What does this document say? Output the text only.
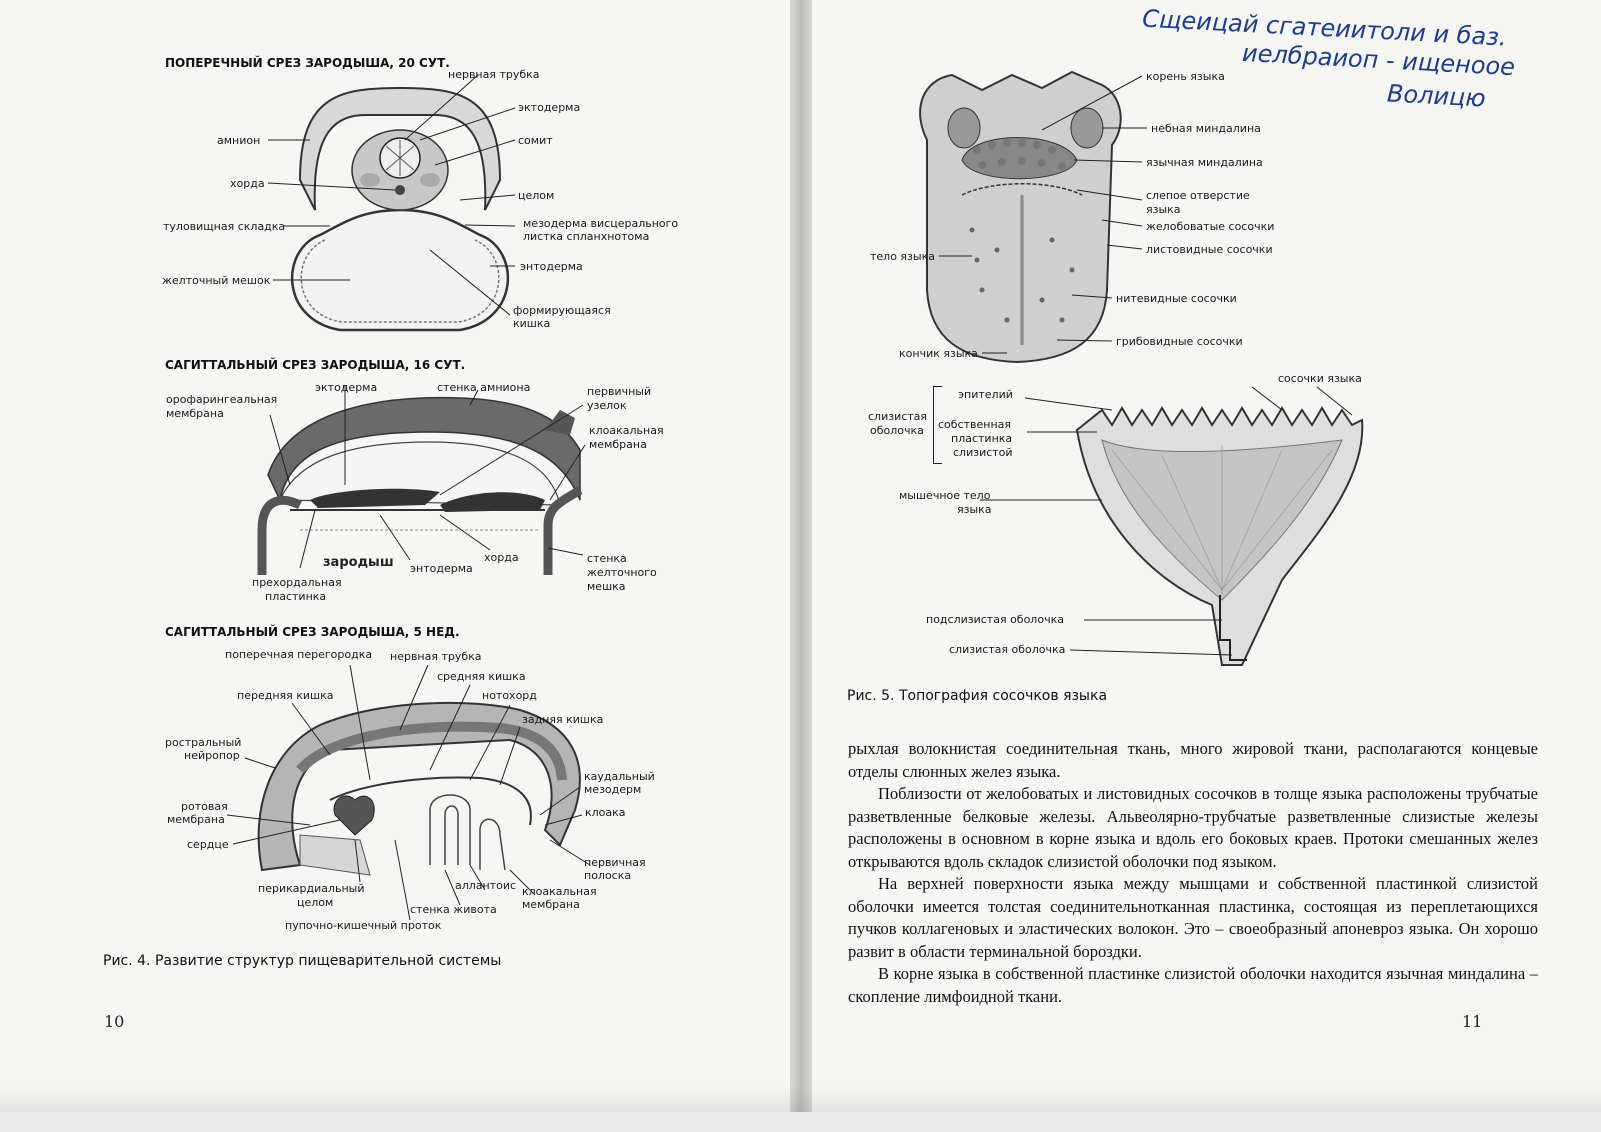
ПОПЕРЕЧНЫЙ СРЕЗ ЗАРОДЫША, 20 СУТ.
нервная трубка
эктодерма
амнион	сомит
хорда
целом
туловищная складка	мезодерма висцерального
листка спланхнотома
энтодерма
желточный мешок
формирующаяся
кишка
САГИТТАЛЬНЫЙ СРЕЗ ЗАРОДЫША, 16 СУТ.
эктодерма	стенка амниона
орофарингеальная
мембрана
первичный
узелок
клоакальная
мембрана
зародыш	хорда
энтодерма
стенка
желточного
мешка
прехордальная
пластинка
САГИТТАЛЬНЫЙ СРЕЗ ЗАРОДЫША, 5 НЕД.
поперечная перегородка нервная трубка
средняя кишка
передняя кишка	нотохорд
задняя кишка
ростральный
нейропор
каудальный
мезодерм
ротовая
мембрана
клоака
сердце
первичная
полоска
перикардиальный
целом
аллантоис клоакальная
мембрана
стенка живота
пупочно-кишечный проток
Рис. 4. Развитие структур пищеварительной системы
10
Сщеицай сгатеиитоли и баз.
иелбраиоп - ищеноое
Волицю
корень языка
небная миндалина
язычная миндалина
слепое отверстие
языка
желобоватые сосочки
листовидные сосочки
тело языка
нитевидные сосочки
грибовидные сосочки
кончик языка
сосочки языка
эпителий
слизистая
оболочка собственная
пластинка
слизистой
мышечное тело
языка
подслизистая оболочка
слизистая оболочка
Рис. 5. Топография сосочков языка

рыхлая волокнистая соединительная ткань, много жировой ткани, располагаются концевые отделы слюнных желез языка.

Поблизости от желобоватых и листовидных сосочков в толще языка расположены трубчатые разветвленные белковые железы. Альвеолярно-трубчатые разветвленные слизистые железы расположены в основном в корне языка и вдоль его боковых краев. Протоки смешанных желез открываются вдоль складок слизистой оболочки под языком.

На верхней поверхности языка между мышцами и собственной пластинкой слизистой оболочки имеется толстая соединительнотканная пластинка, состоящая из переплетающихся пучков коллагеновых и эластических волокон. Это – своеобразный апоневроз языка. Он хорошо развит в области терминальной бороздки.

В корне языка в собственной пластинке слизистой оболочки находится язычная миндалина – скопление лимфоидной ткани.

11
